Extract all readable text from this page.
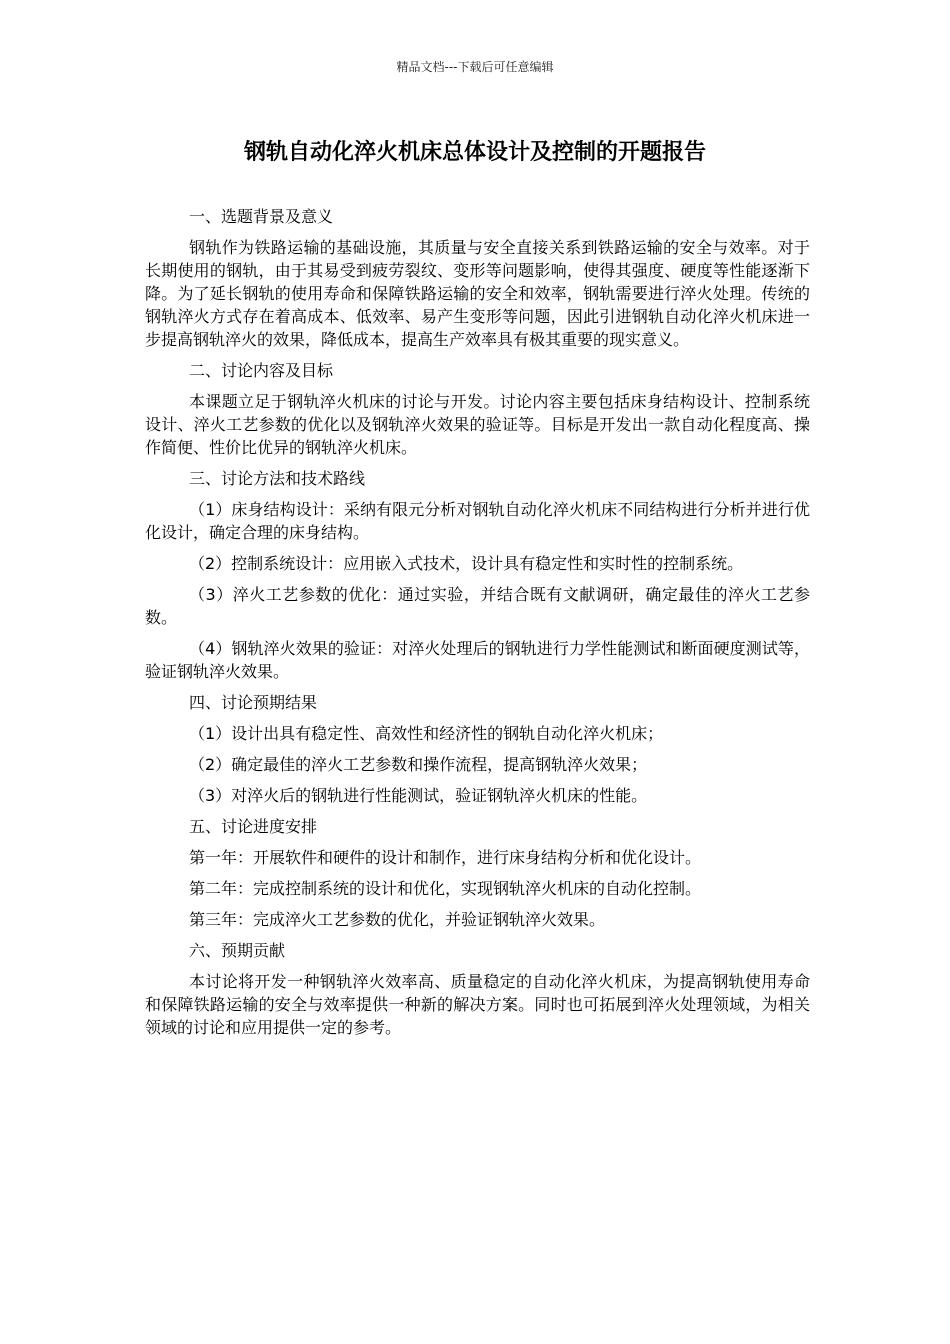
精品文档---下载后可任意编辑
钢轨自动化淬火机床总体设计及控制的开题报告

一、选题背景及意义

钢轨作为铁路运输的基础设施，其质量与安全直接关系到铁路运输的安全与效率。对于长期使用的钢轨，由于其易受到疲劳裂纹、变形等问题影响，使得其强度、硬度等性能逐渐下降。为了延长钢轨的使用寿命和保障铁路运输的安全和效率，钢轨需要进行淬火处理。传统的钢轨淬火方式存在着高成本、低效率、易产生变形等问题，因此引进钢轨自动化淬火机床进一步提高钢轨淬火的效果，降低成本，提高生产效率具有极其重要的现实意义。

二、讨论内容及目标

本课题立足于钢轨淬火机床的讨论与开发。讨论内容主要包括床身结构设计、控制系统设计、淬火工艺参数的优化以及钢轨淬火效果的验证等。目标是开发出一款自动化程度高、操作简便、性价比优异的钢轨淬火机床。

三、讨论方法和技术路线

（1）床身结构设计：采纳有限元分析对钢轨自动化淬火机床不同结构进行分析并进行优化设计，确定合理的床身结构。

（2）控制系统设计：应用嵌入式技术，设计具有稳定性和实时性的控制系统。

（3）淬火工艺参数的优化：通过实验，并结合既有文献调研，确定最佳的淬火工艺参数。

（4）钢轨淬火效果的验证：对淬火处理后的钢轨进行力学性能测试和断面硬度测试等，验证钢轨淬火效果。

四、讨论预期结果

（1）设计出具有稳定性、高效性和经济性的钢轨自动化淬火机床；

（2）确定最佳的淬火工艺参数和操作流程，提高钢轨淬火效果；

（3）对淬火后的钢轨进行性能测试，验证钢轨淬火机床的性能。

五、讨论进度安排

第一年：开展软件和硬件的设计和制作，进行床身结构分析和优化设计。

第二年：完成控制系统的设计和优化，实现钢轨淬火机床的自动化控制。

第三年：完成淬火工艺参数的优化，并验证钢轨淬火效果。

六、预期贡献

本讨论将开发一种钢轨淬火效率高、质量稳定的自动化淬火机床，为提高钢轨使用寿命和保障铁路运输的安全与效率提供一种新的解决方案。同时也可拓展到淬火处理领域，为相关领域的讨论和应用提供一定的参考。
